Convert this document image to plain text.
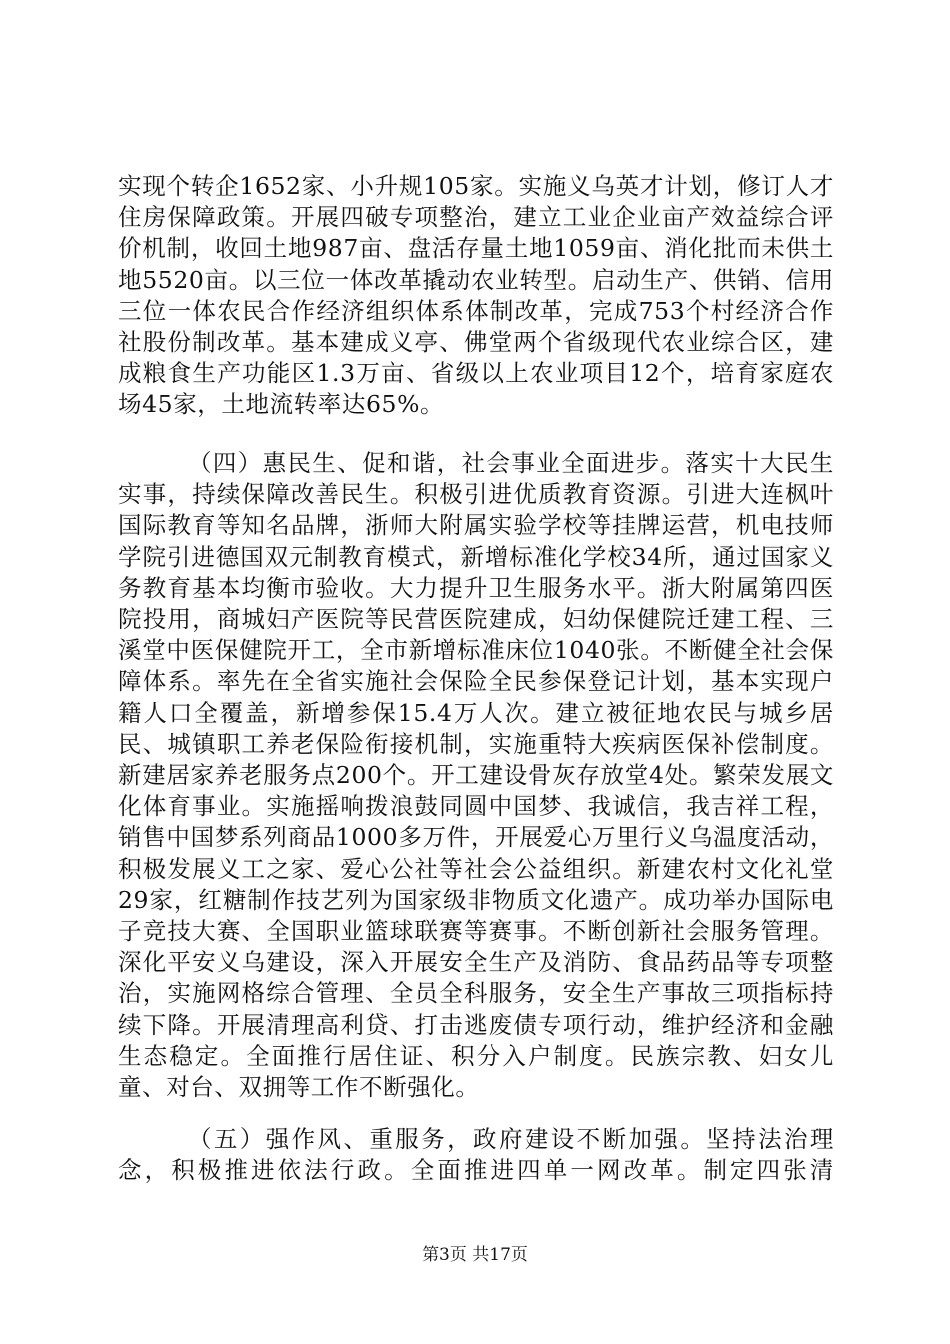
实现个转企1652家、小升规105家。实施义乌英才计划，修订人才住房保障政策。开展四破专项整治，建立工业企业亩产效益综合评价机制，收回土地987亩、盘活存量土地1059亩、消化批而未供土地5520亩。以三位一体改革撬动农业转型。启动生产、供销、信用三位一体农民合作经济组织体系体制改革，完成753个村经济合作社股份制改革。基本建成义亭、佛堂两个省级现代农业综合区，建成粮食生产功能区1.3万亩、省级以上农业项目12个，培育家庭农场45家，土地流转率达65%。

（四）惠民生、促和谐，社会事业全面进步。落实十大民生实事，持续保障改善民生。积极引进优质教育资源。引进大连枫叶国际教育等知名品牌，浙师大附属实验学校等挂牌运营，机电技师学院引进德国双元制教育模式，新增标准化学校34所，通过国家义务教育基本均衡市验收。大力提升卫生服务水平。浙大附属第四医院投用，商城妇产医院等民营医院建成，妇幼保健院迁建工程、三溪堂中医保健院开工，全市新增标准床位1040张。不断健全社会保障体系。率先在全省实施社会保险全民参保登记计划，基本实现户籍人口全覆盖，新增参保15.4万人次。建立被征地农民与城乡居民、城镇职工养老保险衔接机制，实施重特大疾病医保补偿制度。新建居家养老服务点200个。开工建设骨灰存放堂4处。繁荣发展文化体育事业。实施摇响拨浪鼓同圆中国梦、我诚信，我吉祥工程，销售中国梦系列商品1000多万件，开展爱心万里行义乌温度活动，积极发展义工之家、爱心公社等社会公益组织。新建农村文化礼堂29家，红糖制作技艺列为国家级非物质文化遗产。成功举办国际电子竞技大赛、全国职业篮球联赛等赛事。不断创新社会服务管理。深化平安义乌建设，深入开展安全生产及消防、食品药品等专项整治，实施网格综合管理、全员全科服务，安全生产事故三项指标持续下降。开展清理高利贷、打击逃废债专项行动，维护经济和金融生态稳定。全面推行居住证、积分入户制度。民族宗教、妇女儿童、对台、双拥等工作不断强化。

（五）强作风、重服务，政府建设不断加强。坚持法治理念，积极推进依法行政。全面推进四单一网改革。制定四张清

第3页 共17页
